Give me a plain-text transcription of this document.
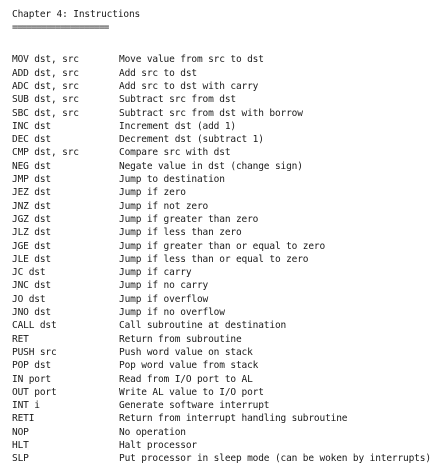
Chapter 4: Instructions
====================
MOV dst, src	Move value from src to dst
ADD dst, src	Add src to dst
ADC dst, src	Add src to dst with carry
SUB dst, src	Subtract src from dst
SBC dst, src	Subtract src from dst with borrow
INC dst	Increment dst (add 1)
DEC dst	Decrement dst (subtract 1)
CMP dst, src	Compare src with dst
NEG dst	Negate value in dst (change sign)
JMP dst	Jump to destination
JEZ dst	Jump if zero
JNZ dst	Jump if not zero
JGZ dst	Jump if greater than zero
JLZ dst	Jump if less than zero
JGE dst	Jump if greater than or equal to zero
JLE dst	Jump if less than or equal to zero
JC dst	Jump if carry
JNC dst	Jump if no carry
JO dst	Jump if overflow
JNO dst	Jump if no overflow
CALL dst	Call subroutine at destination
RET	Return from subroutine
PUSH src	Push word value on stack
POP dst	Pop word value from stack
IN port	Read from I/O port to AL
OUT port	Write AL value to I/O port
INT i	Generate software interrupt
RETI	Return from interrupt handling subroutine
NOP	No operation
HLT	Halt processor
SLP	Put processor in sleep mode (can be woken by interrupts)
